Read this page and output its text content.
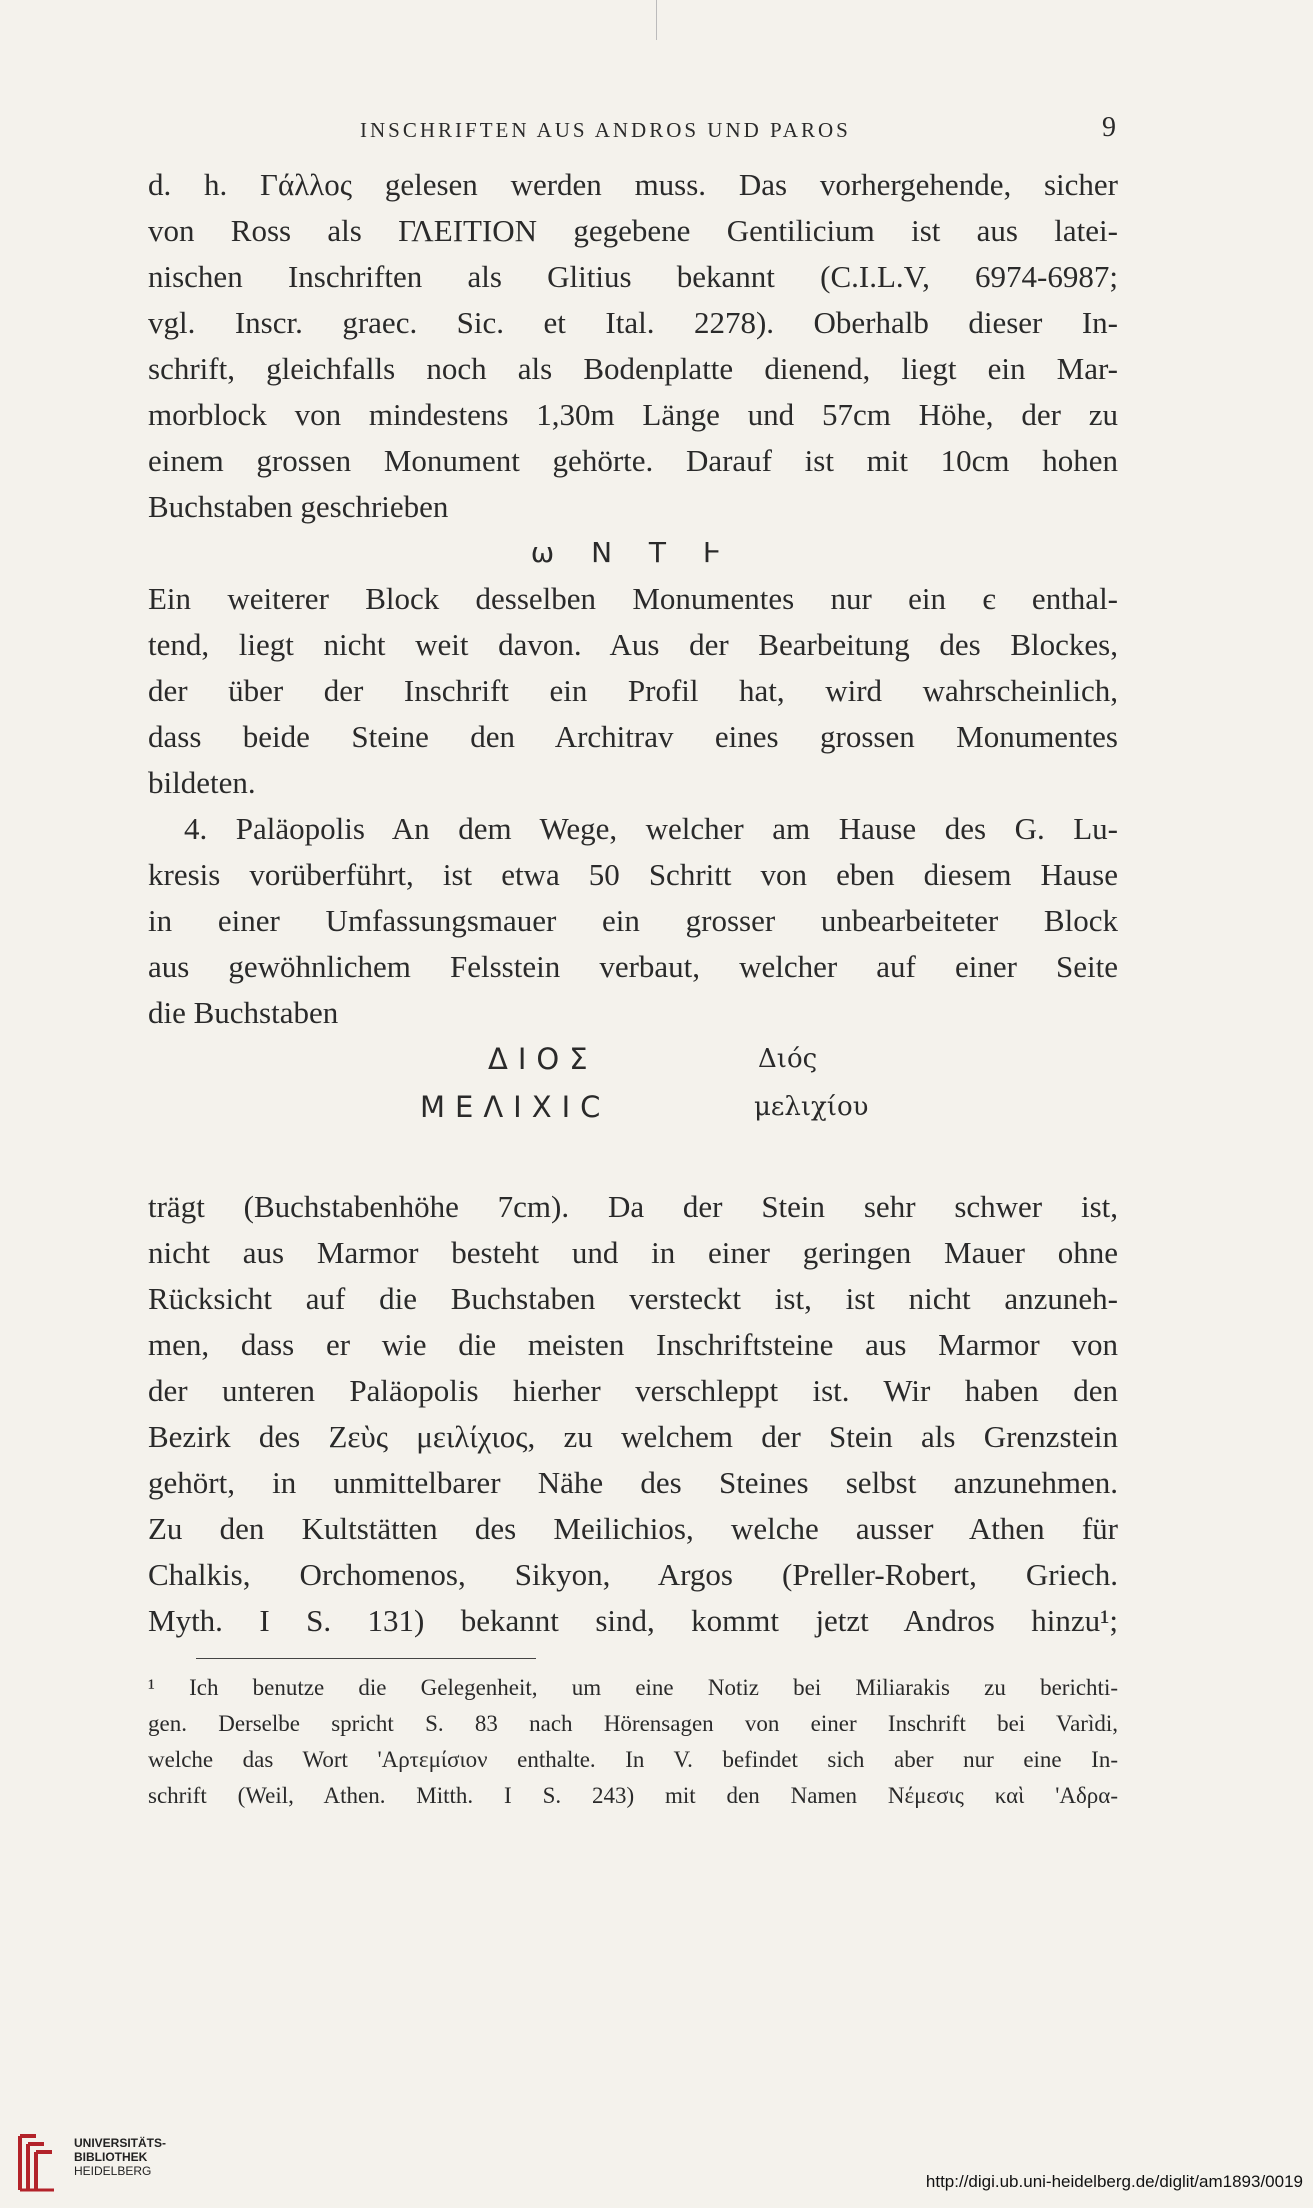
INSCHRIFTEN AUS ANDROS UND PAROS	9
d. h. Γάλλος gelesen werden muss. Das vorhergehende, sicher
von Ross als ΓΛΕΙΤΙΟΝ gegebene Gentilicium ist aus latei-
nischen Inschriften als Glitius bekannt (C.I.L.V, 6974-6987;
vgl. Inscr. graec. Sic. et Ital. 2278). Oberhalb dieser In-
schrift, gleichfalls noch als Bodenplatte dienend, liegt ein Mar-
morblock von mindestens 1,30m Länge und 57cm Höhe, der zu
einem grossen Monument gehörte. Darauf ist mit 10cm hohen
Buchstaben geschrieben
ω Ν Τ Ͱ
Ein weiterer Block desselben Monumentes nur ein є enthal-
tend, liegt nicht weit davon. Aus der Bearbeitung des Blockes,
der über der Inschrift ein Profil hat, wird wahrscheinlich,
dass beide Steine den Architrav eines grossen Monumentes
bildeten.
4. Paläopolis An dem Wege, welcher am Hause des G. Lu-
kresis vorüberführt, ist etwa 50 Schritt von eben diesem Hause
in einer Umfassungsmauer ein grosser unbearbeiteter Block
aus gewöhnlichem Felsstein verbaut, welcher auf einer Seite
die Buchstaben
ΔΙΟΣ	Διός
ΜΕΛΙΧΙC	μελιχίου
trägt (Buchstabenhöhe 7cm). Da der Stein sehr schwer ist,
nicht aus Marmor besteht und in einer geringen Mauer ohne
Rücksicht auf die Buchstaben versteckt ist, ist nicht anzuneh-
men, dass er wie die meisten Inschriftsteine aus Marmor von
der unteren Paläopolis hierher verschleppt ist. Wir haben den
Bezirk des Ζεὺς μειλίχιος, zu welchem der Stein als Grenzstein
gehört, in unmittelbarer Nähe des Steines selbst anzunehmen.
Zu den Kultstätten des Meilichios, welche ausser Athen für
Chalkis, Orchomenos, Sikyon, Argos (Preller-Robert, Griech.
Myth. I S. 131) bekannt sind, kommt jetzt Andros hinzu¹;
¹ Ich benutze die Gelegenheit, um eine Notiz bei Miliarakis zu berichti-
gen. Derselbe spricht S. 83 nach Hörensagen von einer Inschrift bei Varìdi,
welche das Wort 'Αρτεμίσιον enthalte. In V. befindet sich aber nur eine In-
schrift (Weil, Athen. Mitth. I S. 243) mit den Namen Νέμεσις καὶ 'Αδρα-
UNIVERSITÄTS-
BIBLIOTHEK
HEIDELBERG
http://digi.ub.uni-heidelberg.de/diglit/am1893/0019
